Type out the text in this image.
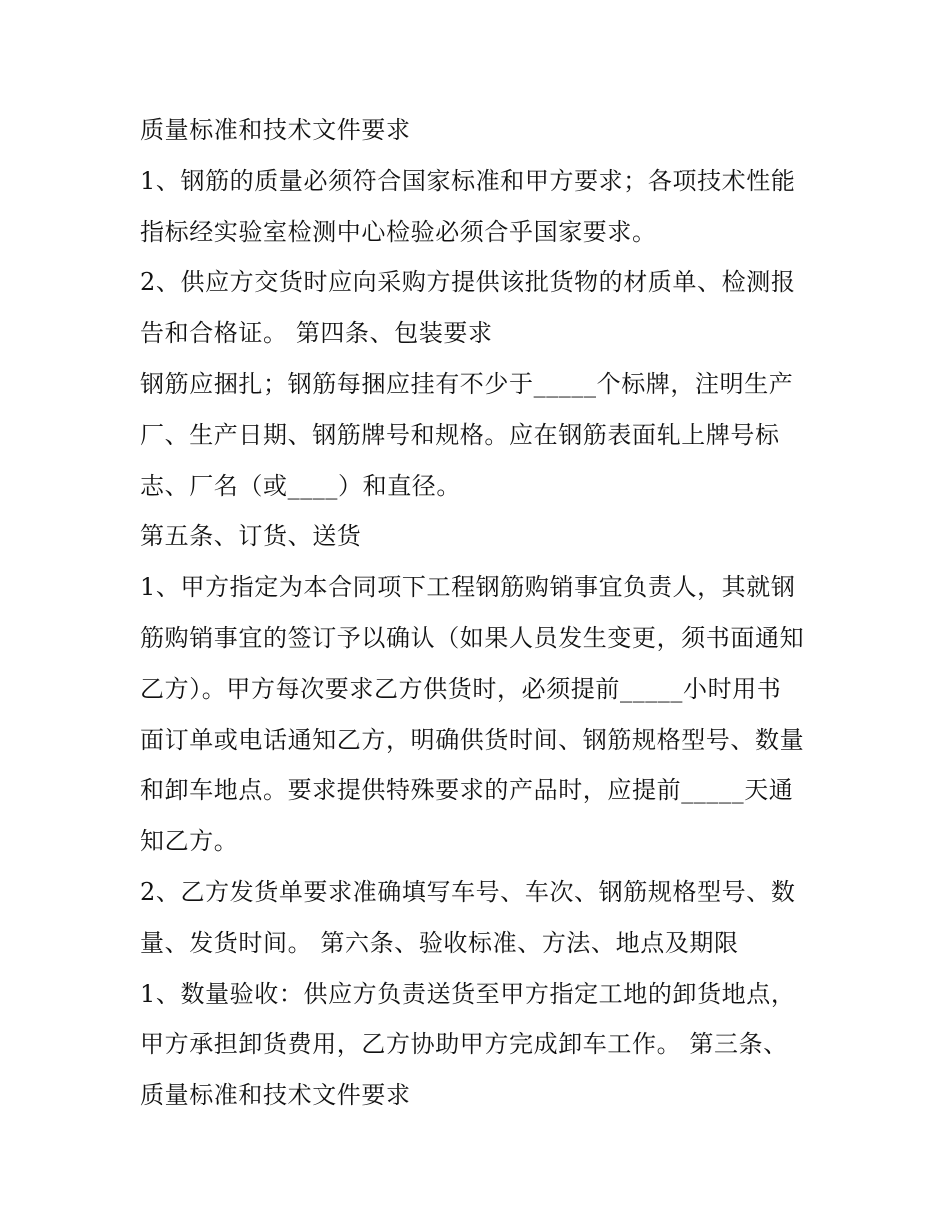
质量标准和技术文件要求
1、钢筋的质量必须符合国家标准和甲方要求；各项技术性能
指标经实验室检测中心检验必须合乎国家要求。
2、供应方交货时应向采购方提供该批货物的材质单、检测报
告和合格证。 第四条、包装要求
钢筋应捆扎；钢筋每捆应挂有不少于_____个标牌，注明生产
厂、生产日期、钢筋牌号和规格。应在钢筋表面轧上牌号标
志、厂名（或____）和直径。
第五条、订货、送货
1、甲方指定为本合同项下工程钢筋购销事宜负责人，其就钢
筋购销事宜的签订予以确认（如果人员发生变更，须书面通知
乙方）。甲方每次要求乙方供货时，必须提前_____小时用书
面订单或电话通知乙方，明确供货时间、钢筋规格型号、数量
和卸车地点。要求提供特殊要求的产品时，应提前_____天通
知乙方。
2、乙方发货单要求准确填写车号、车次、钢筋规格型号、数
量、发货时间。 第六条、验收标准、方法、地点及期限
1、数量验收：供应方负责送货至甲方指定工地的卸货地点，
甲方承担卸货费用，乙方协助甲方完成卸车工作。 第三条、
质量标准和技术文件要求
